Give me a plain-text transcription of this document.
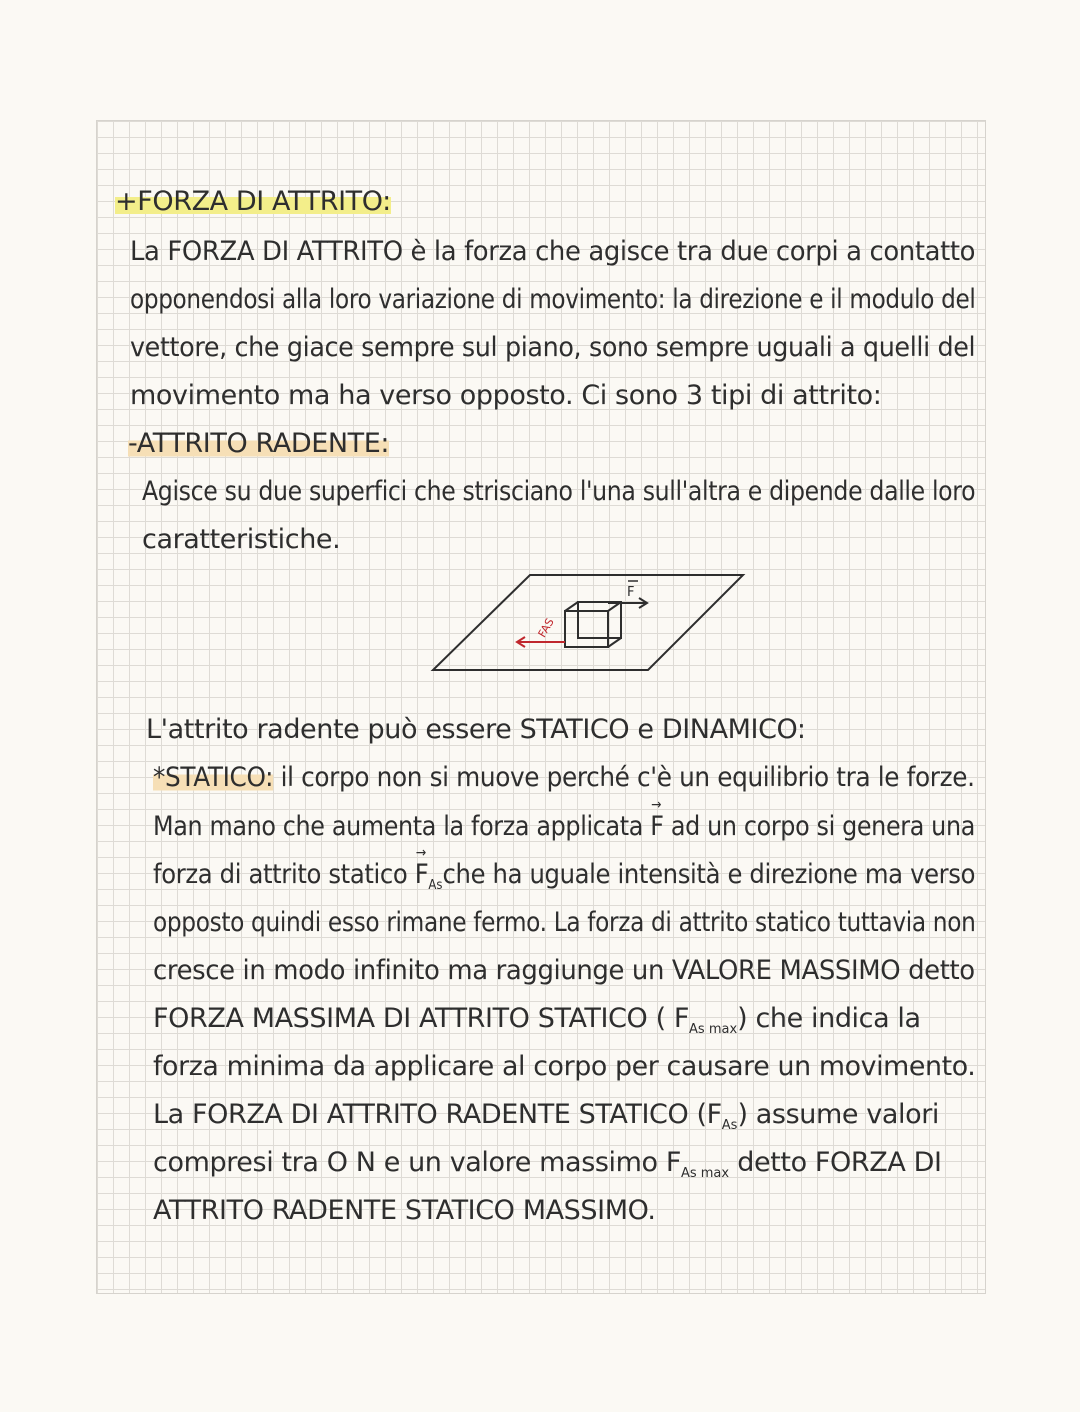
+FORZA DI ATTRITO:

La FORZA DI ATTRITO è la forza che agisce tra due corpi a contatto

opponendosi alla loro variazione di movimento: la direzione e il modulo del

vettore, che giace sempre sul piano, sono sempre uguali a quelli del

movimento ma ha verso opposto. Ci sono 3 tipi di attrito:

-ATTRITO RADENTE:

Agisce su due superfici che strisciano l'una sull'altra e dipende dalle loro

caratteristiche.

F
FAS

L'attrito radente può essere STATICO e DINAMICO:

*STATICO: il corpo non si muove perché c'è un equilibrio tra le forze.

Man mano che aumenta la forza applicata → F ad un corpo si genera una

forza di attrito statico → $F_{As}che$ ha uguale intensità e direzione ma verso

opposto quindi esso rimane fermo. La forza di attrito statico tuttavia non

cresce in modo infinito ma raggiunge un VALORE MASSIMO detto

FORZA MASSIMA DI ATTRITO STATICO ( $F_{As max}$) che indica la

forza minima da applicare al corpo per causare un movimento.

La FORZA DI ATTRITO RADENTE STATICO $(F_{As})$ assume valori

compresi tra O N e un valore massimo $F_{As max}$ detto FORZA DI

ATTRITO RADENTE STATICO MASSIMO.
